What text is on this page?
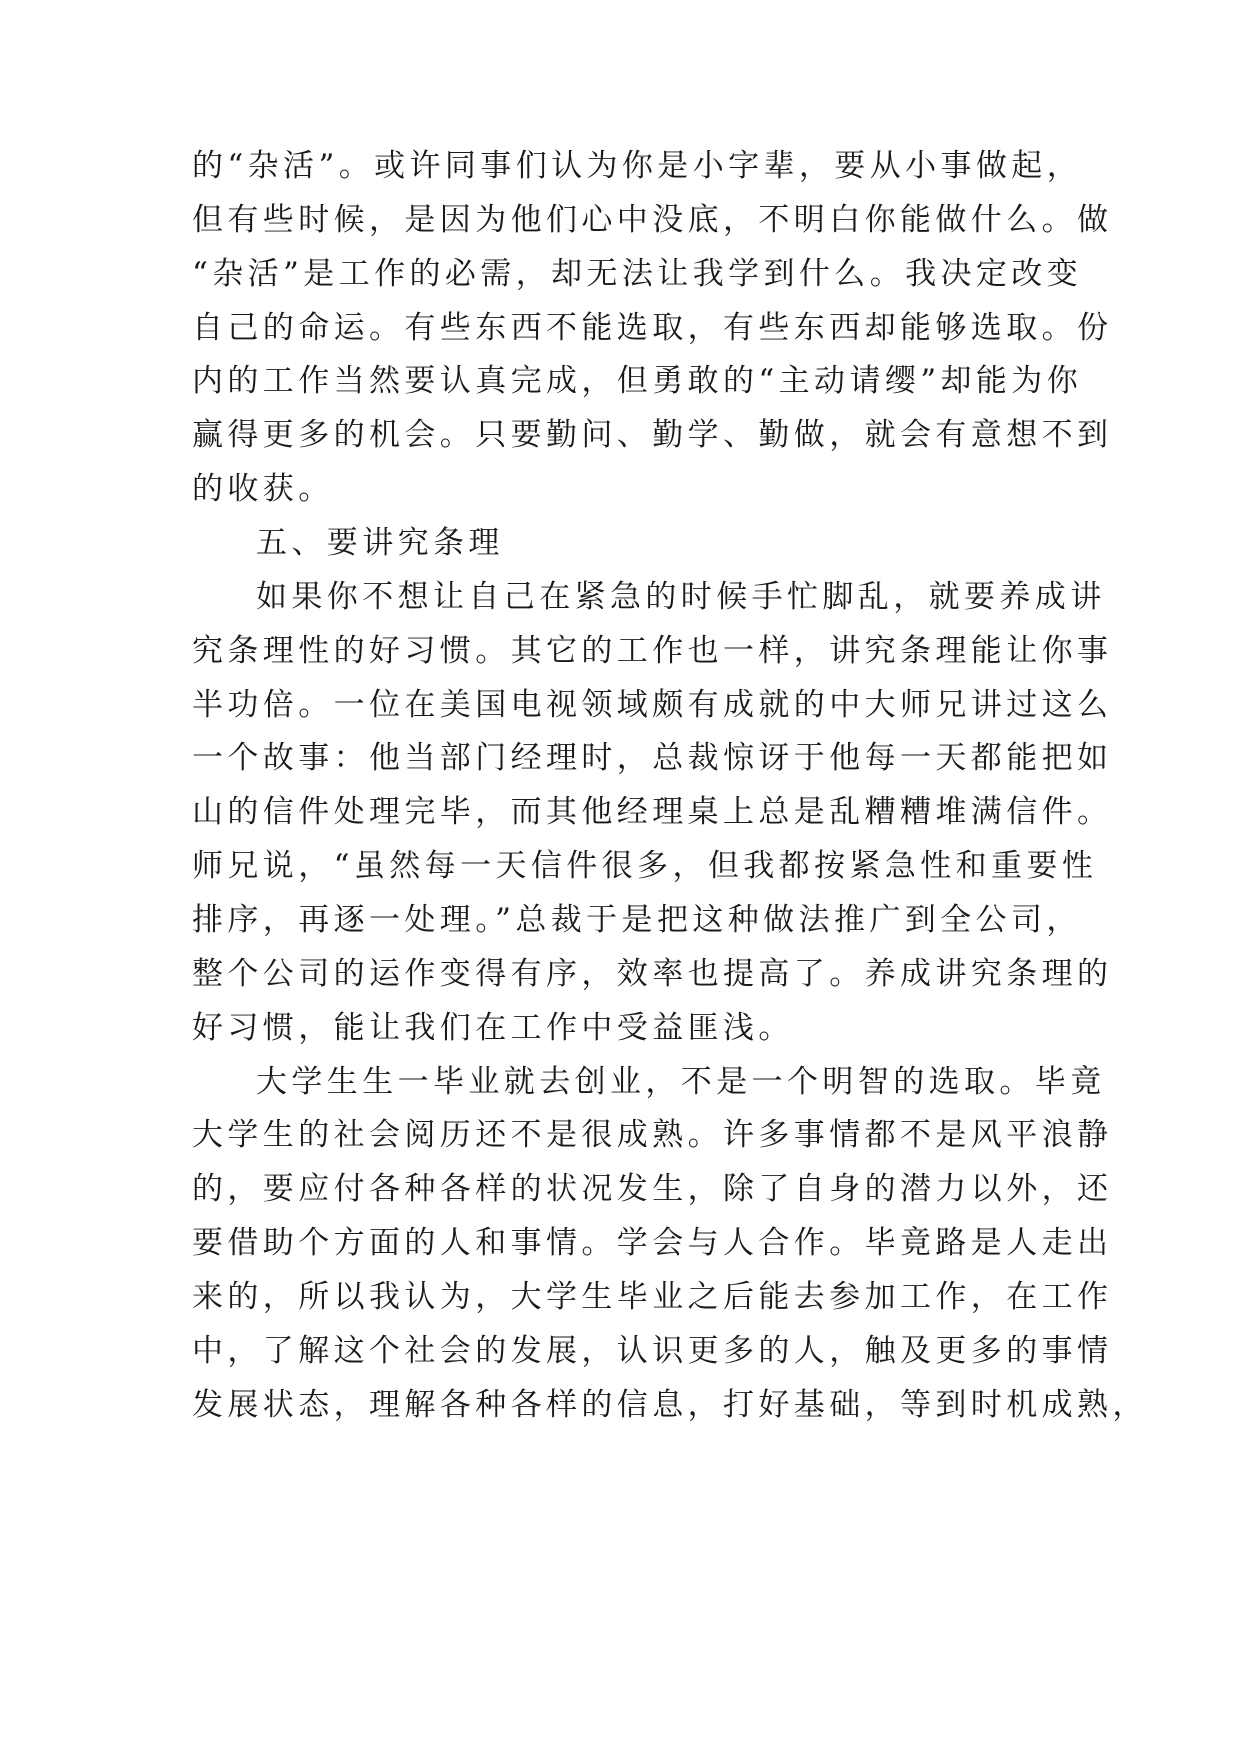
的“杂活”。或许同事们认为你是小字辈，要从小事做起，
但有些时候，是因为他们心中没底，不明白你能做什么。做
“杂活”是工作的必需，却无法让我学到什么。我决定改变
自己的命运。有些东西不能选取，有些东西却能够选取。份
内的工作当然要认真完成，但勇敢的“主动请缨”却能为你
赢得更多的机会。只要勤问、勤学、勤做，就会有意想不到
的收获。
五、要讲究条理
如果你不想让自己在紧急的时候手忙脚乱，就要养成讲
究条理性的好习惯。其它的工作也一样，讲究条理能让你事
半功倍。一位在美国电视领域颇有成就的中大师兄讲过这么
一个故事：他当部门经理时，总裁惊讶于他每一天都能把如
山的信件处理完毕，而其他经理桌上总是乱糟糟堆满信件。
师兄说，“虽然每一天信件很多，但我都按紧急性和重要性
排序，再逐一处理。”总裁于是把这种做法推广到全公司，
整个公司的运作变得有序，效率也提高了。养成讲究条理的
好习惯，能让我们在工作中受益匪浅。
大学生生一毕业就去创业，不是一个明智的选取。毕竟
大学生的社会阅历还不是很成熟。许多事情都不是风平浪静
的，要应付各种各样的状况发生，除了自身的潜力以外，还
要借助个方面的人和事情。学会与人合作。毕竟路是人走出
来的，所以我认为，大学生毕业之后能去参加工作，在工作
中，了解这个社会的发展，认识更多的人，触及更多的事情
发展状态，理解各种各样的信息，打好基础，等到时机成熟，
